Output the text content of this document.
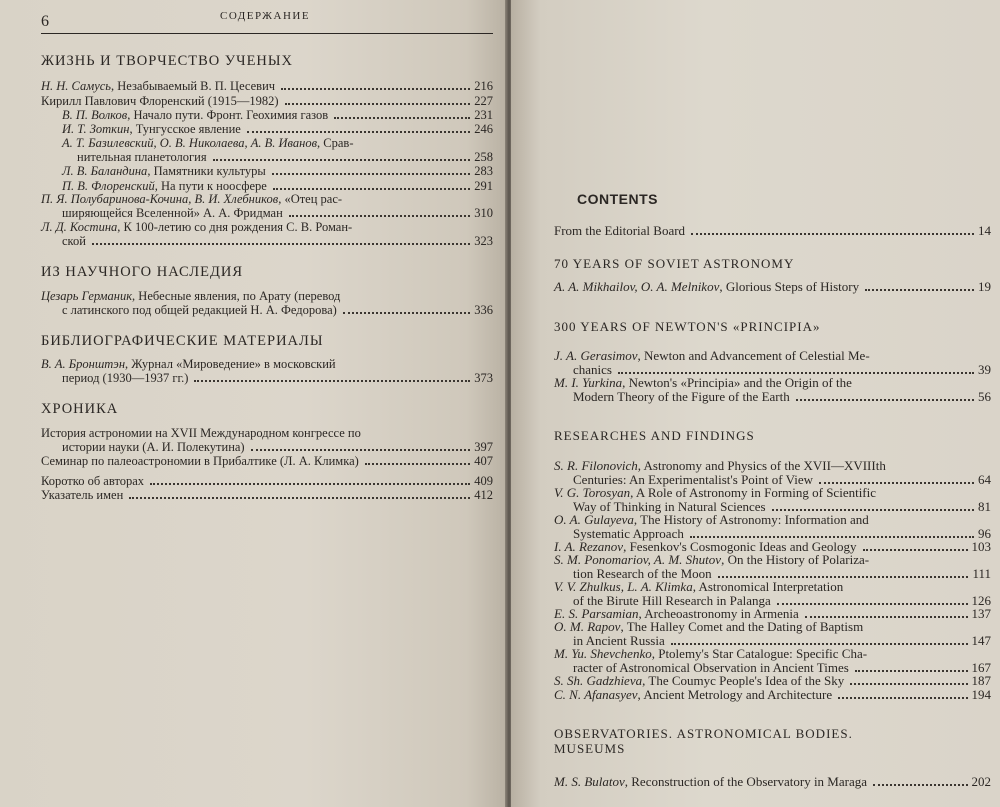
6	СОДЕРЖАНИЕ
ЖИЗНЬ И ТВОРЧЕСТВО УЧЕНЫХ
Н. Н. Самусь, Незабываемый В. П. Цесевич	216
Кирилл Павлович Флоренский (1915—1982)	227
В. П. Волков, Начало пути. Фронт. Геохимия газов	231
И. Т. Зоткин, Тунгусское явление	246
А. Т. Базилевский, О. В. Николаева, А. В. Иванов, Срав-
нительная планетология	258
Л. В. Баландина, Памятники культуры	283
П. В. Флоренский, На пути к ноосфере	291
П. Я. Полубаринова-Кочина, В. И. Хлебников, «Отец рас-
ширяющейся Вселенной» А. А. Фридман	310
Л. Д. Костина, К 100-летию со дня рождения С. В. Роман-
ской	323
ИЗ НАУЧНОГО НАСЛЕДИЯ
Цезарь Германик, Небесные явления, по Арату (перевод
с латинского под общей редакцией Н. А. Федорова)	336
БИБЛИОГРАФИЧЕСКИЕ МАТЕРИАЛЫ
В. А. Бронштэн, Журнал «Мироведение» в московский
период (1930—1937 гг.)	373
ХРОНИКА
История астрономии на XVII Международном конгрессе по
истории науки (А. И. Полекутина)	397
Семинар по палеоастрономии в Прибалтике (Л. А. Климка)	407
Коротко об авторах	409
Указатель имен	412
CONTENTS
From the Editorial Board	14
70 YEARS OF SOVIET ASTRONOMY
A. A. Mikhailov, O. A. Melnikov, Glorious Steps of History	19
300 YEARS OF NEWTON'S «PRINCIPIA»
J. A. Gerasimov, Newton and Advancement of Celestial Me-
chanics	39
M. I. Yurkina, Newton's «Principia» and the Origin of the
Modern Theory of the Figure of the Earth	56
RESEARCHES AND FINDINGS
S. R. Filonovich, Astronomy and Physics of the XVII—XVIIIth
Centuries: An Experimentalist's Point of View	64
V. G. Torosyan, A Role of Astronomy in Forming of Scientific
Way of Thinking in Natural Sciences	81
O. A. Gulayeva, The History of Astronomy: Information and
Systematic Approach	96
I. A. Rezanov, Fesenkov's Cosmogonic Ideas and Geology	103
S. M. Ponomariov, A. M. Shutov, On the History of Polariza-
tion Research of the Moon	111
V. V. Zhulkus, L. A. Klimka, Astronomical Interpretation
of the Birute Hill Research in Palanga	126
E. S. Parsamian, Archeoastronomy in Armenia	137
O. M. Rapov, The Halley Comet and the Dating of Baptism
in Ancient Russia	147
M. Yu. Shevchenko, Ptolemy's Star Catalogue: Specific Cha-
racter of Astronomical Observation in Ancient Times	167
S. Sh. Gadzhieva, The Coumyc People's Idea of the Sky	187
C. N. Afanasyev, Ancient Metrology and Architecture	194
OBSERVATORIES. ASTRONOMICAL BODIES.
MUSEUMS
M. S. Bulatov, Reconstruction of the Observatory in Maraga	202
